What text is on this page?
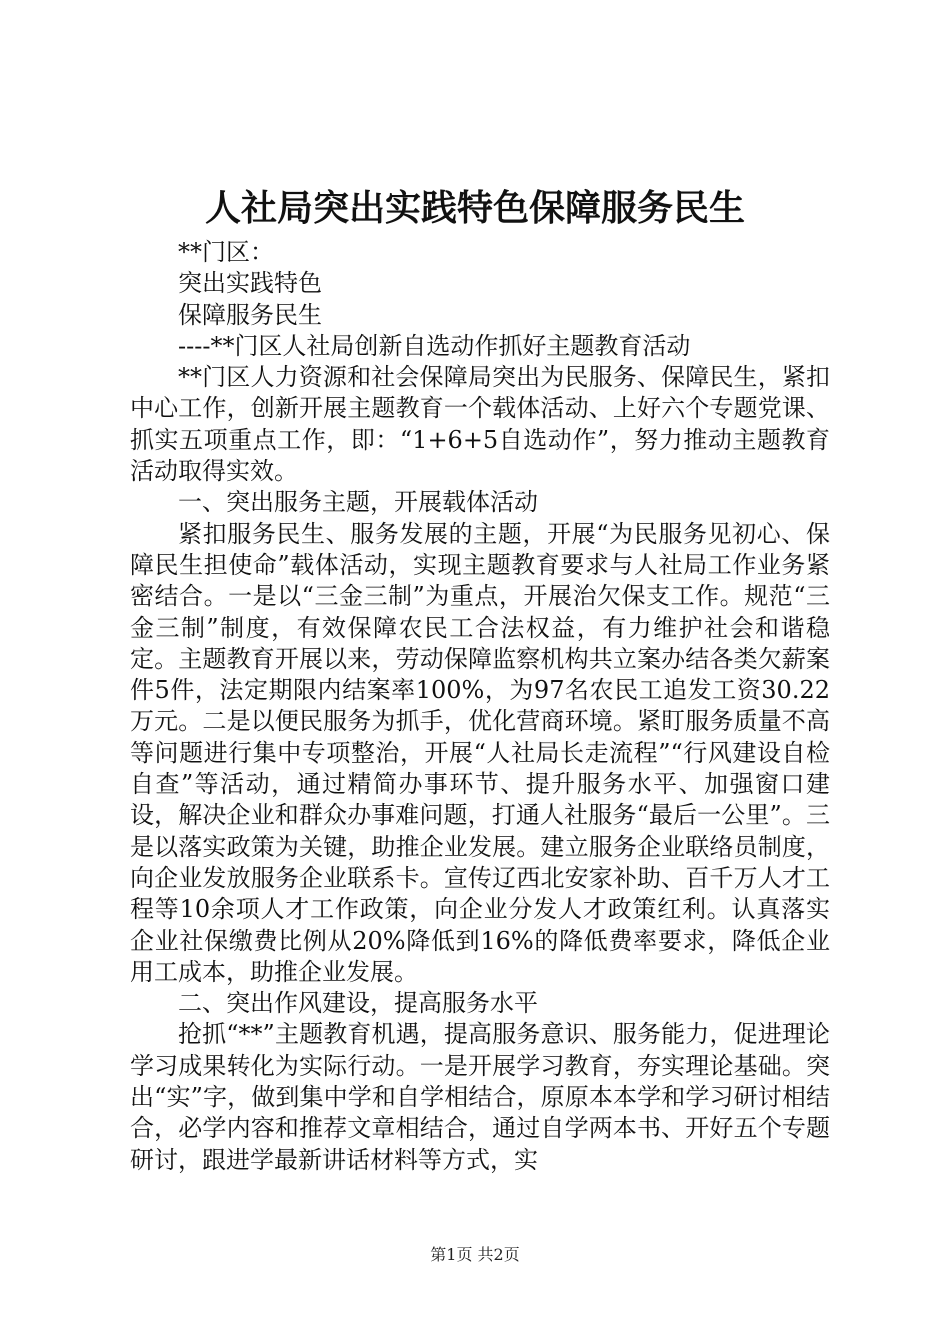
人社局突出实践特色保障服务民生

**门区：

突出实践特色

保障服务民生

----**门区人社局创新自选动作抓好主题教育活动

**门区人力资源和社会保障局突出为民服务、保障民生，紧扣中心工作，创新开展主题教育一个载体活动、上好六个专题党课、抓实五项重点工作，即：“1+6+5自选动作”，努力推动主题教育活动取得实效。

一、突出服务主题，开展载体活动

紧扣服务民生、服务发展的主题，开展“为民服务见初心、保障民生担使命”载体活动，实现主题教育要求与人社局工作业务紧密结合。一是以“三金三制”为重点，开展治欠保支工作。规范“三金三制”制度，有效保障农民工合法权益，有力维护社会和谐稳定。主题教育开展以来，劳动保障监察机构共立案办结各类欠薪案件5件，法定期限内结案率100%，为97名农民工追发工资30.22万元。二是以便民服务为抓手，优化营商环境。紧盯服务质量不高等问题进行集中专项整治，开展“人社局长走流程”“行风建设自检自查”等活动，通过精简办事环节、提升服务水平、加强窗口建设，解决企业和群众办事难问题，打通人社服务“最后一公里”。三是以落实政策为关键，助推企业发展。建立服务企业联络员制度，向企业发放服务企业联系卡。宣传辽西北安家补助、百千万人才工程等10余项人才工作政策，向企业分发人才政策红利。认真落实企业社保缴费比例从20%降低到16%的降低费率要求，降低企业用工成本，助推企业发展。

二、突出作风建设，提高服务水平

抢抓“**”主题教育机遇，提高服务意识、服务能力，促进理论学习成果转化为实际行动。一是开展学习教育，夯实理论基础。突出“实”字，做到集中学和自学相结合，原原本本学和学习研讨相结合，必学内容和推荐文章相结合，通过自学两本书、开好五个专题研讨，跟进学最新讲话材料等方式，实

第1页 共2页
